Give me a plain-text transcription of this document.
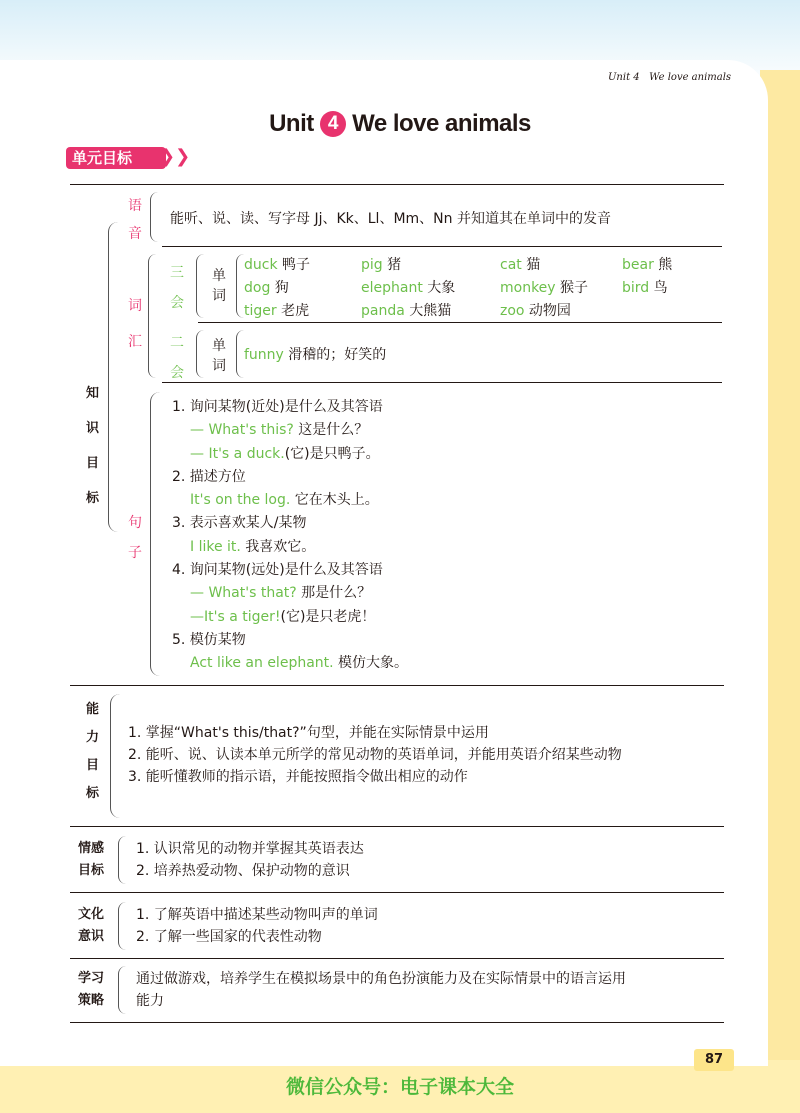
Unit 4   We love animals
Unit 4 We love animals
单元目标	❯❯
知
识
目
标
语
音
能听、说、读、写字母 Jj、Kk、Ll、Mm、Nn 并知道其在单词中的发音
词
汇
三
会
单
词
duck 鸭子	pig 猪	cat 猫	bear 熊
dog 狗	elephant 大象	monkey 猴子 bird 鸟
tiger 老虎	panda 大熊猫	zoo 动物园
二
会
单
词
funny 滑稽的；好笑的
句
子
1. 询问某物(近处)是什么及其答语
— What's this? 这是什么？
— It's a duck.(它)是只鸭子。
2. 描述方位
It's on the log. 它在木头上。
3. 表示喜欢某人/某物
I like it. 我喜欢它。
4. 询问某物(远处)是什么及其答语
— What's that? 那是什么？
—It's a tiger!(它)是只老虎！
5. 模仿某物
Act like an elephant. 模仿大象。
能
力
目
标
1. 掌握“What's this/that?”句型，并能在实际情景中运用
2. 能听、说、认读本单元所学的常见动物的英语单词，并能用英语介绍某些动物
3. 能听懂教师的指示语，并能按照指令做出相应的动作
情感
目标
1. 认识常见的动物并掌握其英语表达
2. 培养热爱动物、保护动物的意识
文化
意识
1. 了解英语中描述某些动物叫声的单词
2. 了解一些国家的代表性动物
学习
策略
通过做游戏，培养学生在模拟场景中的角色扮演能力及在实际情景中的语言运用
能力
87
微信公众号：电子课本大全
